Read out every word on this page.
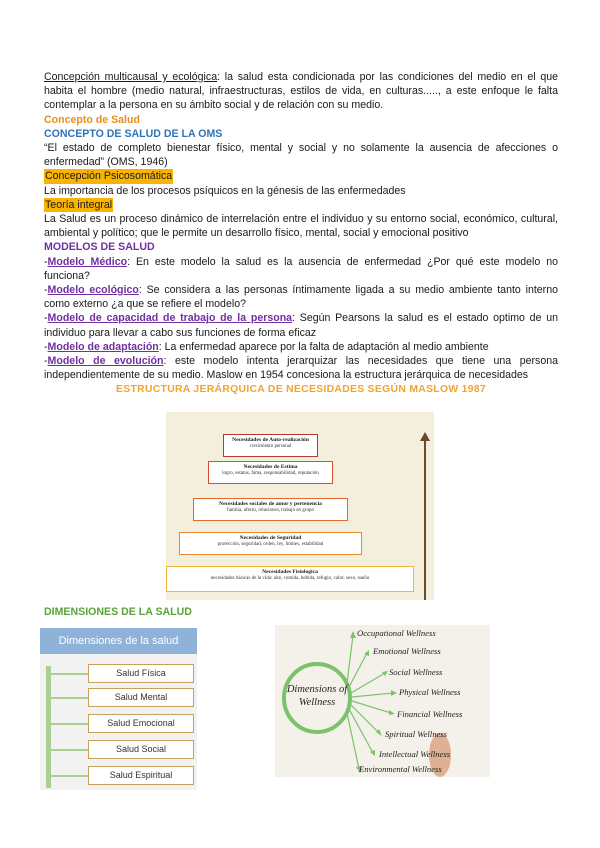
Concepción multicausal y ecológica: la salud esta condicionada por las condiciones del medio en el que habita el hombre (medio natural, infraestructuras, estilos de vida, en culturas....., a este enfoque le falta contemplar a la persona en su ámbito social y de relación con su medio.

Concepto de Salud

CONCEPTO DE SALUD DE LA OMS

“El estado de completo bienestar físico, mental y social y no solamente la ausencia de afecciones o enfermedad” (OMS, 1946)

Concepción Psicosomática

La importancia de los procesos psíquicos en la génesis de las enfermedades

Teoría integral

La Salud es un proceso dinámico de interrelación entre el individuo y su entorno social, económico, cultural, ambiental y político; que le permite un desarrollo físico, mental, social y emocional positivo

MODELOS DE SALUD

-Modelo Médico: En este modelo la salud es la ausencia de enfermedad ¿Por qué este modelo no funciona?

-Modelo ecológico: Se considera a las personas íntimamente ligada a su medio ambiente tanto interno como externo ¿a que se refiere el modelo?

-Modelo de capacidad de trabajo de la persona: Según Pearsons la salud es el estado optimo de un individuo para llevar a cabo sus funciones de forma eficaz

-Modelo de adaptación: La enfermedad aparece por la falta de adaptación al medio ambiente

-Modelo de evolución: este modelo intenta jerarquizar las necesidades que tiene una persona independientemente de su medio. Maslow en 1954 concesiona la estructura jerárquica de necesidades

ESTRUCTURA JERÁRQUICA DE NECESIDADES SEGÚN MASLOW 1987

Necesidades de Auto-realización
crecimiento personal
Necesidades de Estima
logro, estatus, fama, responsabilidad, reputación
Necesidades sociales de amor y pertenencia
familia, afecto, relaciones, trabajo en grupo
Necesidades de Seguridad
protección, seguridad, orden, ley, límites, estabilidad
Necesidades Fisiologica
necesidades básicas de la vida: aire, comida, bebida, refugio, calor, sexo, sueño
DIMENSIONES DE LA SALUD
Dimensiones de la salud
Salud Física
Salud Mental
Salud Emocional
Salud Social
Salud Espiritual
Dimensions of Wellness
Occupational Wellness
Emotional Wellness
Social Wellness
Physical Wellness
Financial Wellness
Spiritual Wellness
Intellectual Wellness
Environmental Wellness
